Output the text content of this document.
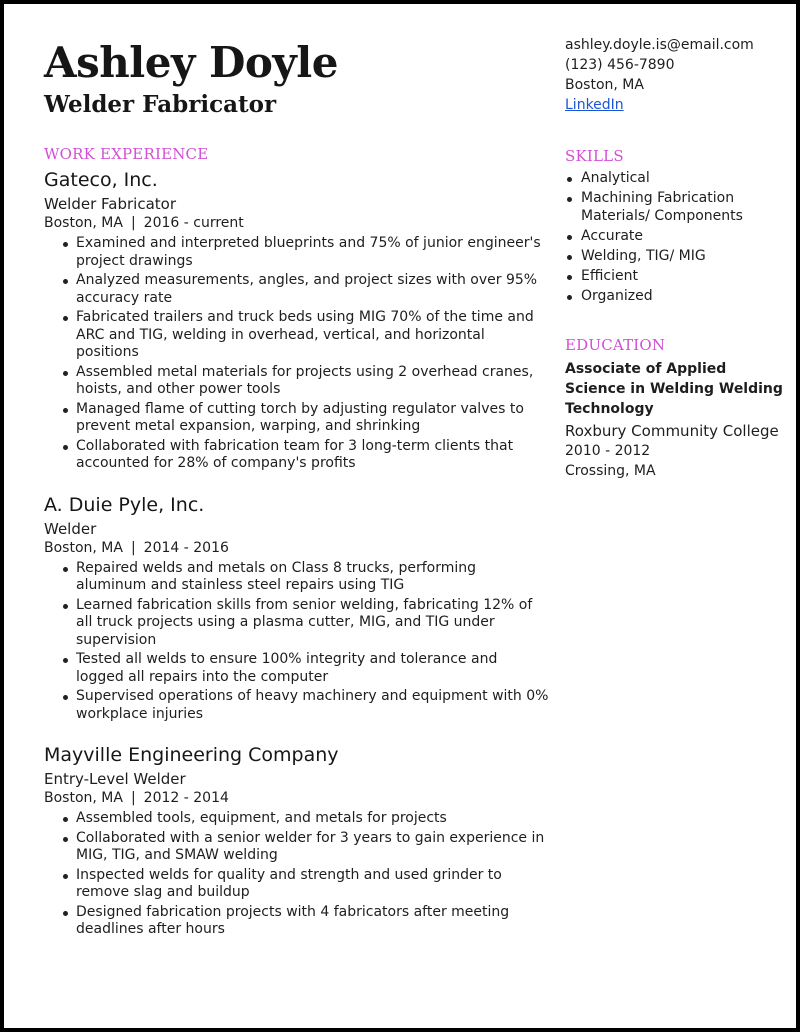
Ashley Doyle
Welder Fabricator
WORK EXPERIENCE
Gateco, Inc.
Welder Fabricator
Boston, MA | 2016 - current
Examined and interpreted blueprints and 75% of junior engineer's project drawings
Analyzed measurements, angles, and project sizes with over 95% accuracy rate
Fabricated trailers and truck beds using MIG 70% of the time and ARC and TIG, welding in overhead, vertical, and horizontal positions
Assembled metal materials for projects using 2 overhead cranes, hoists, and other power tools
Managed flame of cutting torch by adjusting regulator valves to prevent metal expansion, warping, and shrinking
Collaborated with fabrication team for 3 long-term clients that accounted for 28% of company's profits
A. Duie Pyle, Inc.
Welder
Boston, MA | 2014 - 2016
Repaired welds and metals on Class 8 trucks, performing aluminum and stainless steel repairs using TIG
Learned fabrication skills from senior welding, fabricating 12% of all truck projects using a plasma cutter, MIG, and TIG under supervision
Tested all welds to ensure 100% integrity and tolerance and logged all repairs into the computer
Supervised operations of heavy machinery and equipment with 0% workplace injuries
Mayville Engineering Company
Entry-Level Welder
Boston, MA | 2012 - 2014
Assembled tools, equipment, and metals for projects
Collaborated with a senior welder for 3 years to gain experience in MIG, TIG, and SMAW welding
Inspected welds for quality and strength and used grinder to remove slag and buildup
Designed fabrication projects with 4 fabricators after meeting deadlines after hours
ashley.doyle.is@email.com
(123) 456-7890
Boston, MA
LinkedIn
SKILLS
Analytical
Machining Fabrication Materials/ Components
Accurate
Welding, TIG/ MIG
Efficient
Organized
EDUCATION
Associate of Applied Science in Welding Welding Technology
Roxbury Community College
2010 - 2012
Crossing, MA
